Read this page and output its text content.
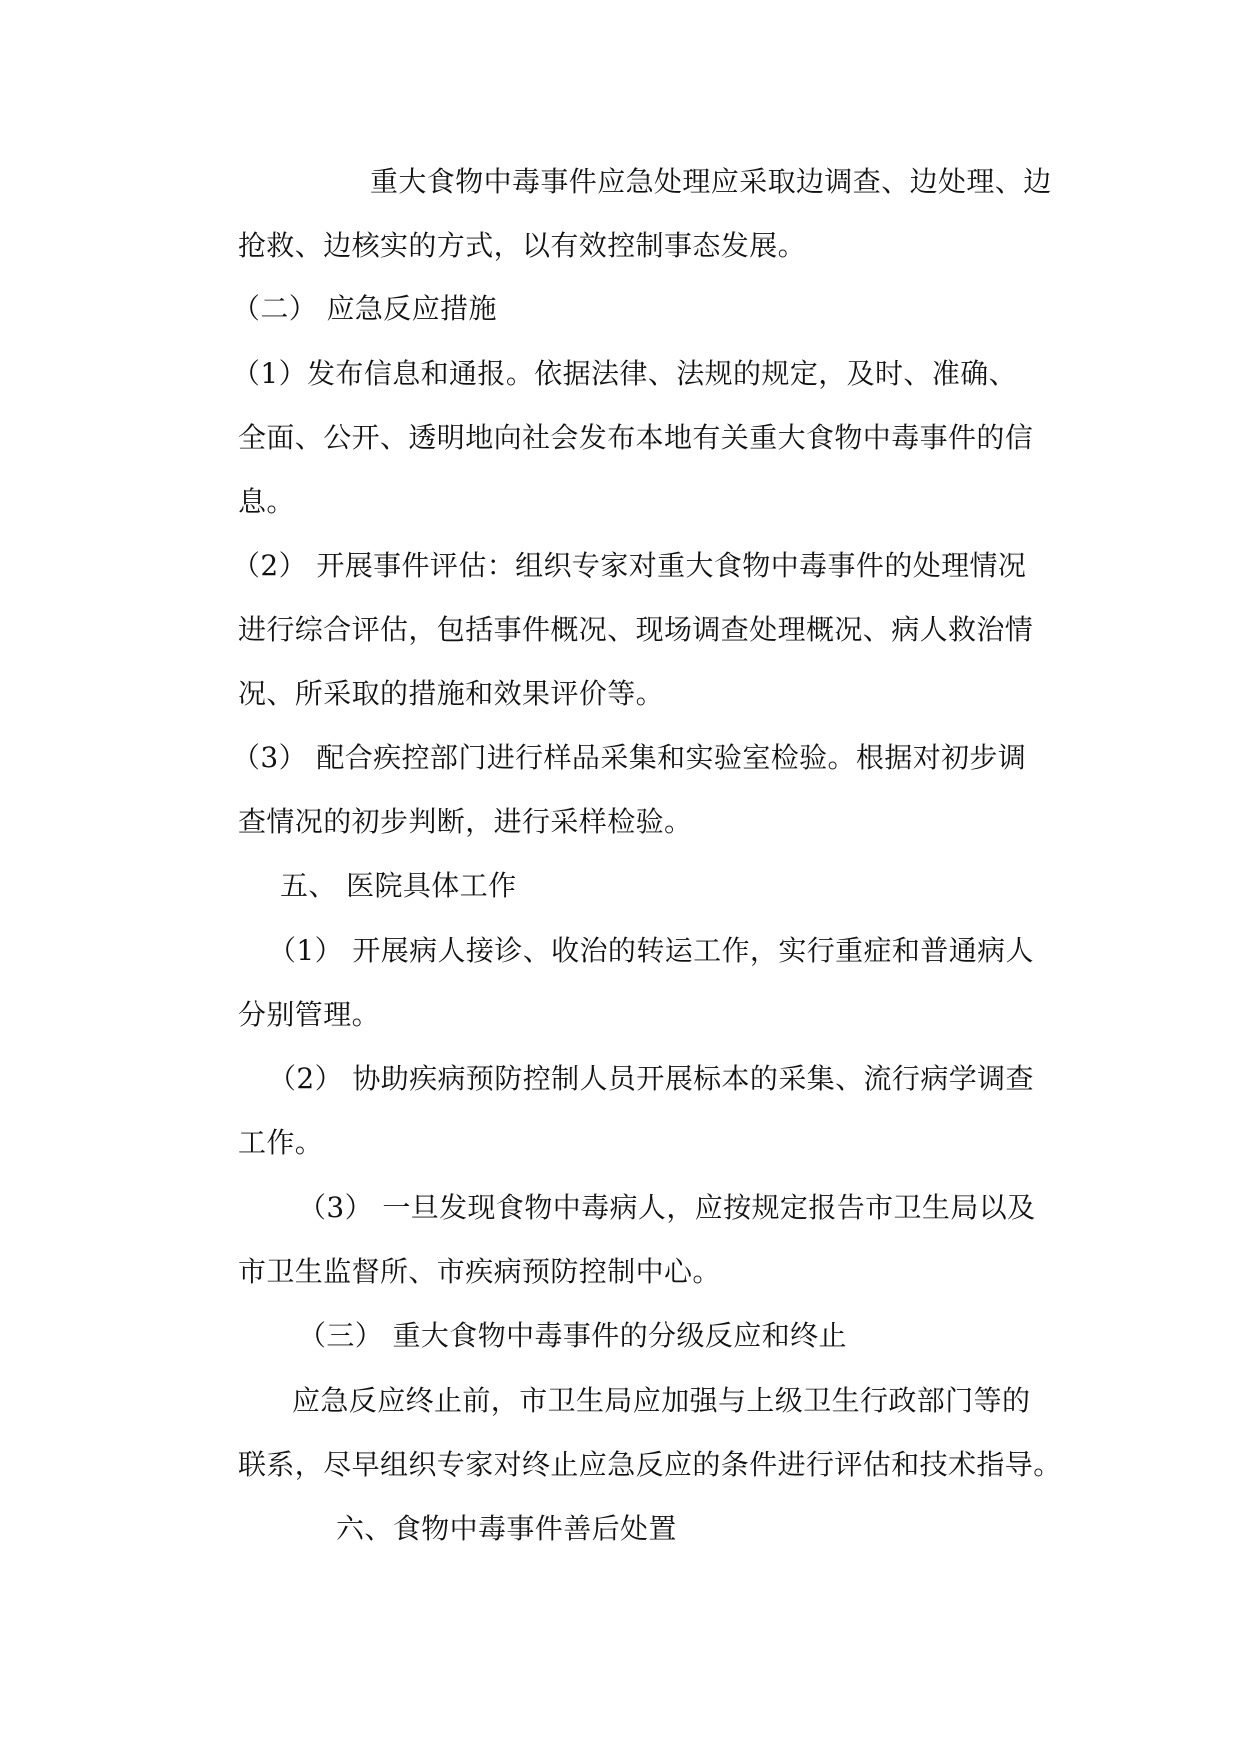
重大食物中毒事件应急处理应采取边调查、边处理、边
抢救、边核实的方式，以有效控制事态发展。
（二） 应急反应措施
（1）发布信息和通报。依据法律、法规的规定，及时、准确、
全面、公开、透明地向社会发布本地有关重大食物中毒事件的信
息。
（2） 开展事件评估：组织专家对重大食物中毒事件的处理情况
进行综合评估，包括事件概况、现场调查处理概况、病人救治情
况、所采取的措施和效果评价等。
（3） 配合疾控部门进行样品采集和实验室检验。根据对初步调
查情况的初步判断，进行采样检验。
五、 医院具体工作
（1） 开展病人接诊、收治的转运工作，实行重症和普通病人
分别管理。
（2） 协助疾病预防控制人员开展标本的采集、流行病学调查
工作。
（3） 一旦发现食物中毒病人，应按规定报告市卫生局以及
市卫生监督所、市疾病预防控制中心。
（三） 重大食物中毒事件的分级反应和终止
应急反应终止前，市卫生局应加强与上级卫生行政部门等的
联系，尽早组织专家对终止应急反应的条件进行评估和技术指导。
六、食物中毒事件善后处置
